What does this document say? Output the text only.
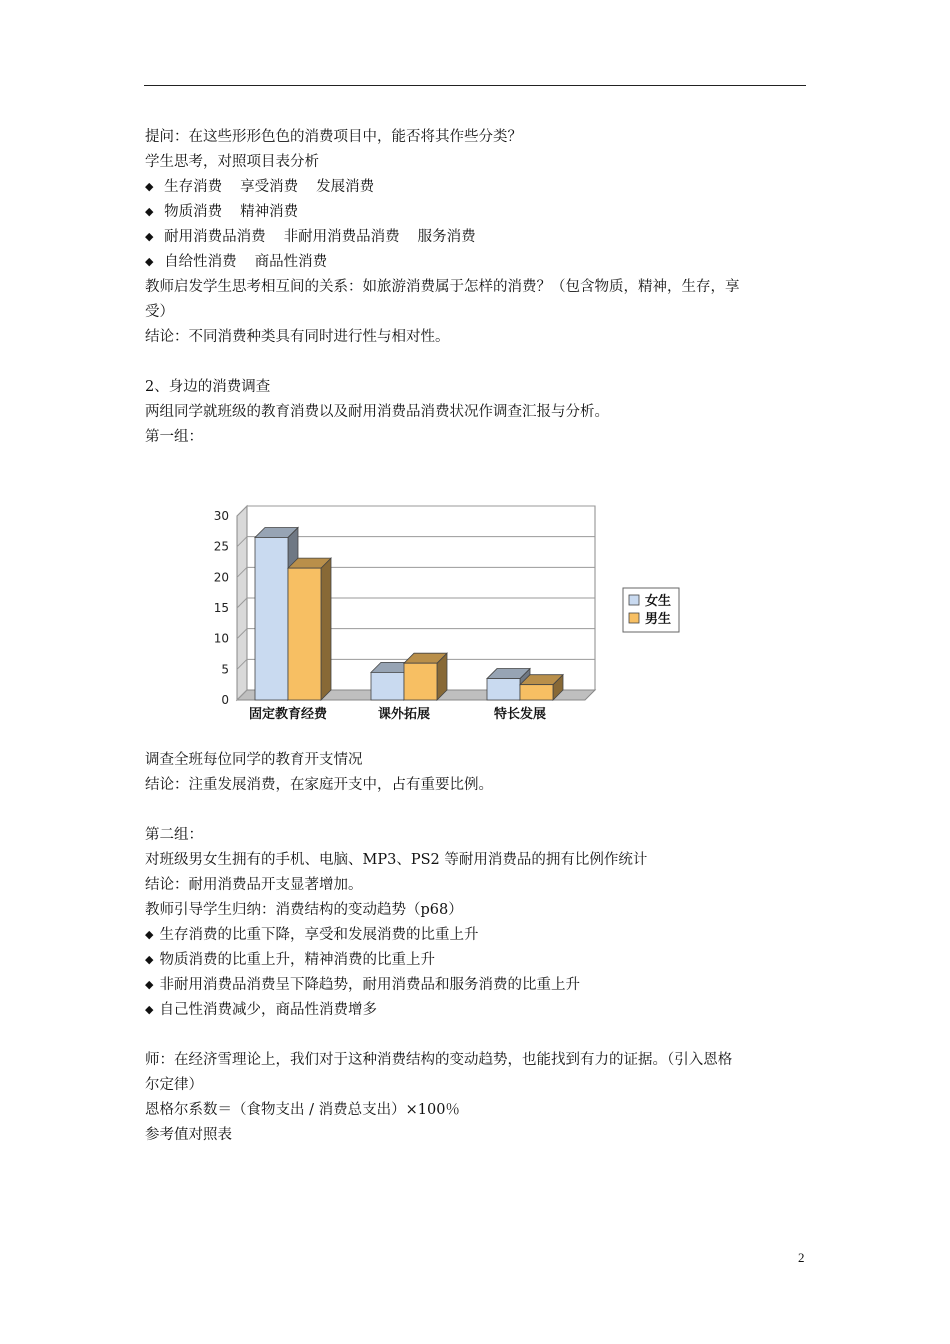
提问：在这些形形色色的消费项目中，能否将其作些分类？
学生思考，对照项目表分析
◆ 生存消费 享受消费 发展消费
◆ 物质消费 精神消费
◆ 耐用消费品消费 非耐用消费品消费 服务消费
◆ 自给性消费 商品性消费
教师启发学生思考相互间的关系：如旅游消费属于怎样的消费？（包含物质，精神，生存，享
受）
结论：不同消费种类具有同时进行性与相对性。
2、身边的消费调查
两组同学就班级的教育消费以及耐用消费品消费状况作调查汇报与分析。
第一组：
0
5
10
15
20
25
30
固定教育经费	课外拓展	特长发展
女生
男生
调查全班每位同学的教育开支情况
结论：注重发展消费，在家庭开支中，占有重要比例。
第二组：
对班级男女生拥有的手机、电脑、MP3、PS2 等耐用消费品的拥有比例作统计
结论：耐用消费品开支显著增加。
教师引导学生归纳：消费结构的变动趋势（p68）
◆ 生存消费的比重下降，享受和发展消费的比重上升
◆ 物质消费的比重上升，精神消费的比重上升
◆ 非耐用消费品消费呈下降趋势，耐用消费品和服务消费的比重上升
◆ 自己性消费减少，商品性消费增多
师：在经济雪理论上，我们对于这种消费结构的变动趋势，也能找到有力的证据。（引入恩格
尔定律）
恩格尔系数＝（食物支出 / 消费总支出）×100％
参考值对照表
2
